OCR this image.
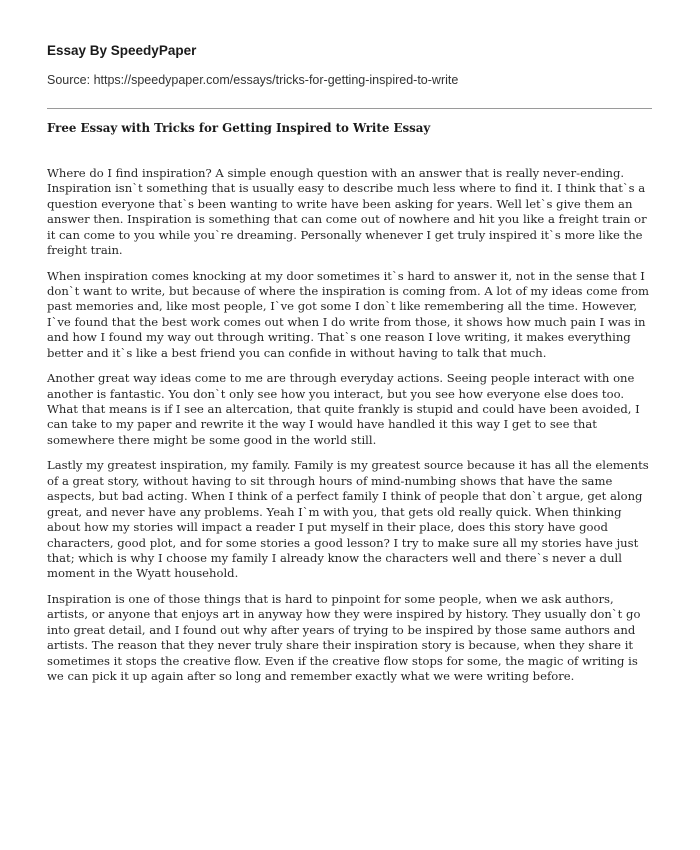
Essay By SpeedyPaper
Source: https://speedypaper.com/essays/tricks-for-getting-inspired-to-write
Free Essay with Tricks for Getting Inspired to Write Essay

Where do I find inspiration? A simple enough question with an answer that is really never-ending. Inspiration isn`t something that is usually easy to describe much less where to find it. I think that`s a question everyone that`s been wanting to write have been asking for years. Well let`s give them an answer then. Inspiration is something that can come out of nowhere and hit you like a freight train or it can come to you while you`re dreaming. Personally whenever I get truly inspired it`s more like the freight train.

When inspiration comes knocking at my door sometimes it`s hard to answer it, not in the sense that I don`t want to write, but because of where the inspiration is coming from. A lot of my ideas come from past memories and, like most people, I`ve got some I don`t like remembering all the time. However, I`ve found that the best work comes out when I do write from those, it shows how much pain I was in and how I found my way out through writing. That`s one reason I love writing, it makes everything better and it`s like a best friend you can confide in without having to talk that much.

Another great way ideas come to me are through everyday actions. Seeing people interact with one another is fantastic. You don`t only see how you interact, but you see how everyone else does too. What that means is if I see an altercation, that quite frankly is stupid and could have been avoided, I can take to my paper and rewrite it the way I would have handled it this way I get to see that somewhere there might be some good in the world still.

Lastly my greatest inspiration, my family. Family is my greatest source because it has all the elements of a great story, without having to sit through hours of mind-numbing shows that have the same aspects, but bad acting. When I think of a perfect family I think of people that don`t argue, get along great, and never have any problems. Yeah I`m with you, that gets old really quick. When thinking about how my stories will impact a reader I put myself in their place, does this story have good characters, good plot, and for some stories a good lesson? I try to make sure all my stories have just that; which is why I choose my family I already know the characters well and there`s never a dull moment in the Wyatt household.

Inspiration is one of those things that is hard to pinpoint for some people, when we ask authors, artists, or anyone that enjoys art in anyway how they were inspired by history. They usually don`t go into great detail, and I found out why after years of trying to be inspired by those same authors and artists. The reason that they never truly share their inspiration story is because, when they share it sometimes it stops the creative flow. Even if the creative flow stops for some, the magic of writing is we can pick it up again after so long and remember exactly what we were writing before.
